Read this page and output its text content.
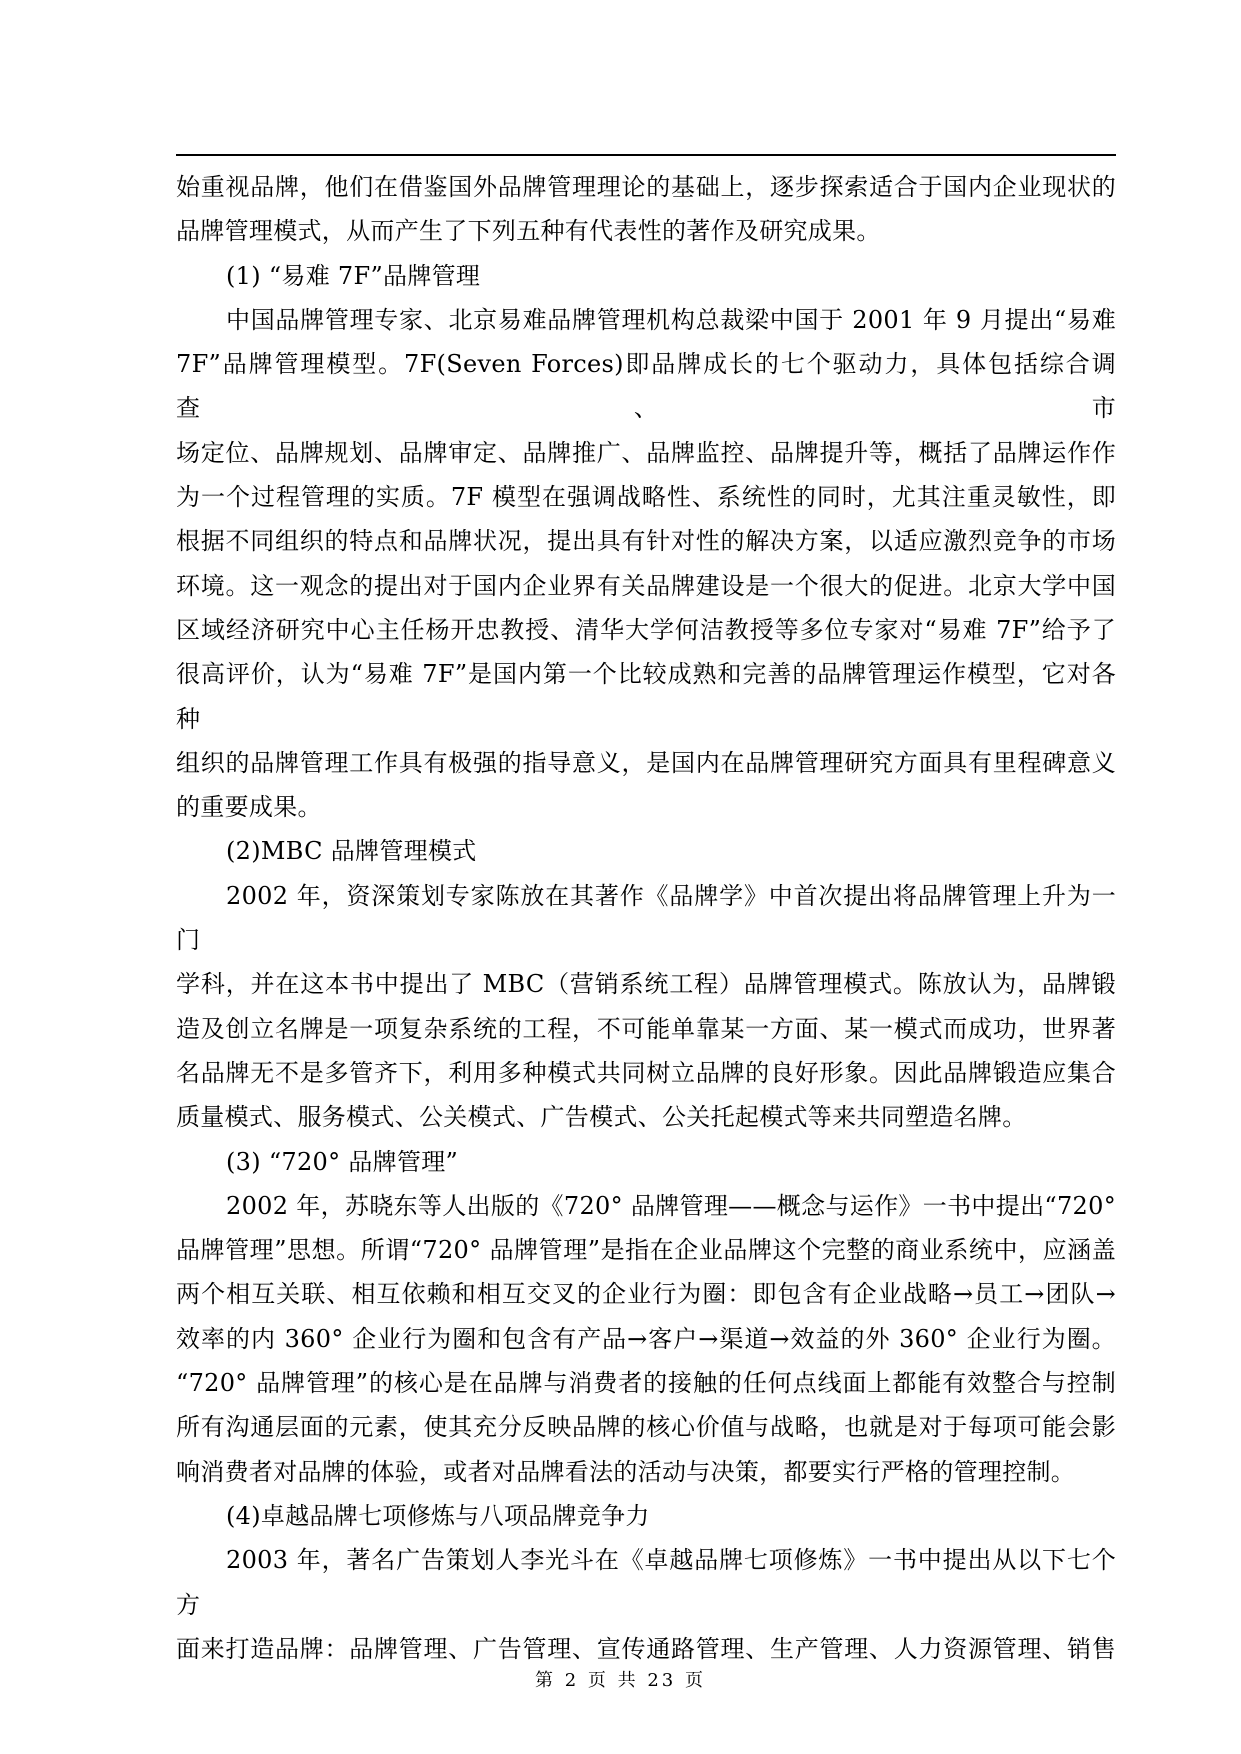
始重视品牌，他们在借鉴国外品牌管理理论的基础上，逐步探索适合于国内企业现状的

品牌管理模式，从而产生了下列五种有代表性的著作及研究成果。

(1) “易难 7F”品牌管理

中国品牌管理专家、北京易难品牌管理机构总裁梁中国于 2001 年 9 月提出“易难

7F”品牌管理模型。7F(Seven Forces)即品牌成长的七个驱动力，具体包括综合调查、市

场定位、品牌规划、品牌审定、品牌推广、品牌监控、品牌提升等，概括了品牌运作作

为一个过程管理的实质。7F 模型在强调战略性、系统性的同时，尤其注重灵敏性，即

根据不同组织的特点和品牌状况，提出具有针对性的解决方案，以适应激烈竞争的市场

环境。这一观念的提出对于国内企业界有关品牌建设是一个很大的促进。北京大学中国

区域经济研究中心主任杨开忠教授、清华大学何洁教授等多位专家对“易难 7F”给予了

很高评价，认为“易难 7F”是国内第一个比较成熟和完善的品牌管理运作模型，它对各种

组织的品牌管理工作具有极强的指导意义，是国内在品牌管理研究方面具有里程碑意义

的重要成果。

(2)MBC 品牌管理模式

2002 年，资深策划专家陈放在其著作《品牌学》中首次提出将品牌管理上升为一门

学科，并在这本书中提出了 MBC（营销系统工程）品牌管理模式。陈放认为，品牌锻

造及创立名牌是一项复杂系统的工程，不可能单靠某一方面、某一模式而成功，世界著

名品牌无不是多管齐下，利用多种模式共同树立品牌的良好形象。因此品牌锻造应集合

质量模式、服务模式、公关模式、广告模式、公关托起模式等来共同塑造名牌。

(3) “720° 品牌管理”

2002 年，苏晓东等人出版的《720° 品牌管理——概念与运作》一书中提出“720°

品牌管理”思想。所谓“720° 品牌管理”是指在企业品牌这个完整的商业系统中，应涵盖

两个相互关联、相互依赖和相互交叉的企业行为圈：即包含有企业战略→员工→团队→

效率的内 360° 企业行为圈和包含有产品→客户→渠道→效益的外 360° 企业行为圈。

“720° 品牌管理”的核心是在品牌与消费者的接触的任何点线面上都能有效整合与控制

所有沟通层面的元素，使其充分反映品牌的核心价值与战略，也就是对于每项可能会影

响消费者对品牌的体验，或者对品牌看法的活动与决策，都要实行严格的管理控制。

(4)卓越品牌七项修炼与八项品牌竞争力

2003 年，著名广告策划人李光斗在《卓越品牌七项修炼》一书中提出从以下七个方

面来打造品牌：品牌管理、广告管理、宣传通路管理、生产管理、人力资源管理、销售

第 2 页 共 23 页
